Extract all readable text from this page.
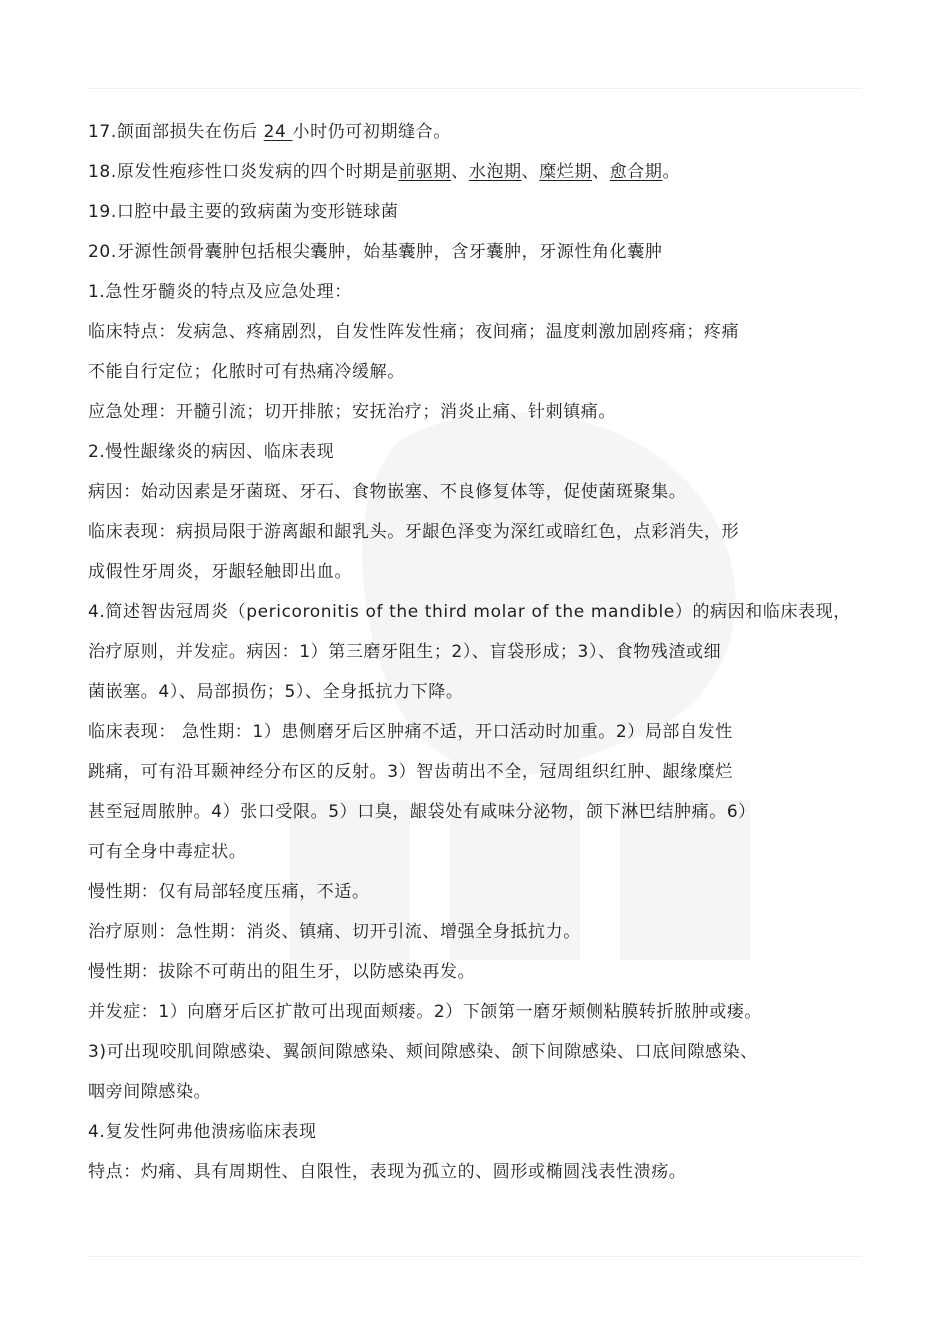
17.颌面部损失在伤后 24 小时仍可初期缝合。
18.原发性疱疹性口炎发病的四个时期是前驱期、水泡期、糜烂期、愈合期。
19.口腔中最主要的致病菌为变形链球菌
20.牙源性颌骨囊肿包括根尖囊肿，始基囊肿，含牙囊肿，牙源性角化囊肿
1.急性牙髓炎的特点及应急处理：
临床特点：发病急、疼痛剧烈，自发性阵发性痛；夜间痛；温度刺激加剧疼痛；疼痛
不能自行定位；化脓时可有热痛冷缓解。
应急处理：开髓引流；切开排脓；安抚治疗；消炎止痛、针刺镇痛。
2.慢性龈缘炎的病因、临床表现
病因：始动因素是牙菌斑、牙石、食物嵌塞、不良修复体等，促使菌斑聚集。
临床表现：病损局限于游离龈和龈乳头。牙龈色泽变为深红或暗红色，点彩消失，形
成假性牙周炎，牙龈轻触即出血。
4.简述智齿冠周炎（pericoronitis of the third molar of the mandible）的病因和临床表现，
治疗原则，并发症。病因：1）第三磨牙阻生；2）、盲袋形成；3）、食物残渣或细
菌嵌塞。4）、局部损伤；5）、全身抵抗力下降。
临床表现： 急性期：1）患侧磨牙后区肿痛不适，开口活动时加重。2）局部自发性
跳痛，可有沿耳颞神经分布区的反射。3）智齿萌出不全，冠周组织红肿、龈缘糜烂
甚至冠周脓肿。4）张口受限。5）口臭，龈袋处有咸味分泌物，颌下淋巴结肿痛。6）
可有全身中毒症状。
慢性期：仅有局部轻度压痛，不适。
治疗原则：急性期：消炎、镇痛、切开引流、增强全身抵抗力。
慢性期：拔除不可萌出的阻生牙，以防感染再发。
并发症：1）向磨牙后区扩散可出现面颊瘘。2）下颌第一磨牙颊侧粘膜转折脓肿或瘘。
3)可出现咬肌间隙感染、翼颌间隙感染、颊间隙感染、颌下间隙感染、口底间隙感染、
咽旁间隙感染。
4.复发性阿弗他溃疡临床表现
特点：灼痛、具有周期性、自限性，表现为孤立的、圆形或椭圆浅表性溃疡。
